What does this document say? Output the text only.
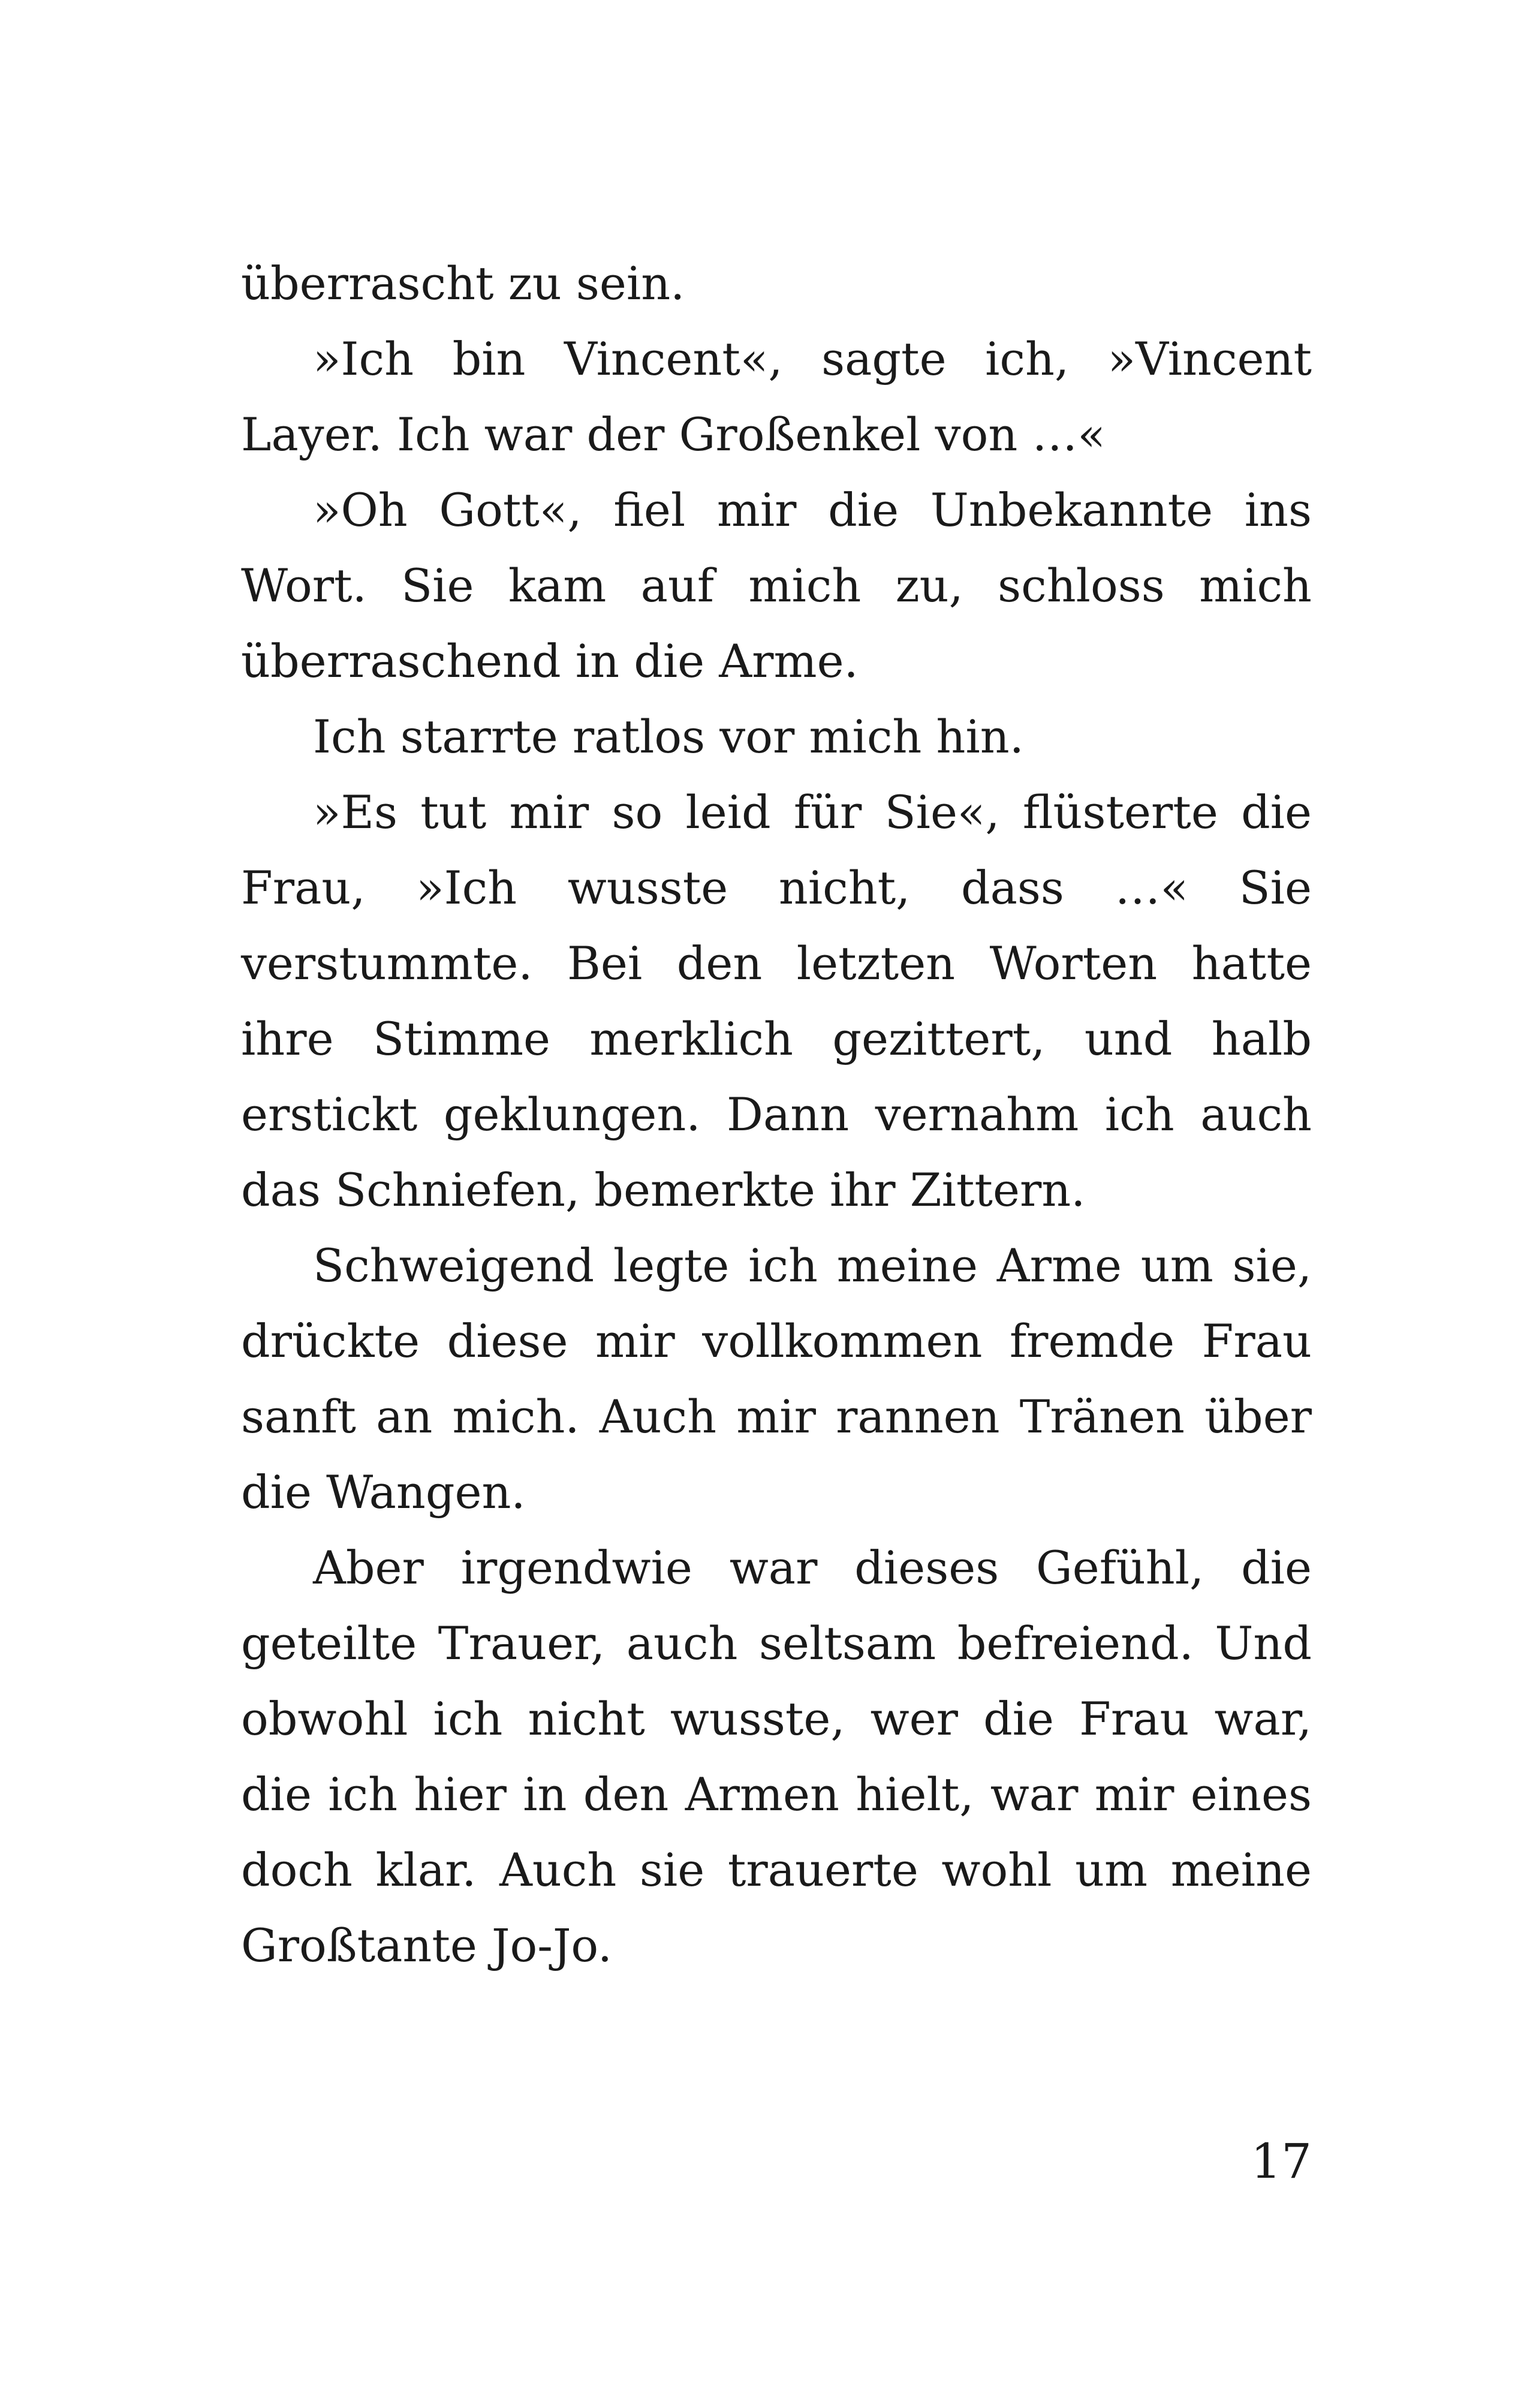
überrascht zu sein.

»Ich bin Vincent«, sagte ich, »Vincent Layer. Ich war der Großenkel von …«

»Oh Gott«, fiel mir die Unbekannte ins Wort. Sie kam auf mich zu, schloss mich überraschend in die Arme.

Ich starrte ratlos vor mich hin.

»Es tut mir so leid für Sie«, flüsterte die Frau, »Ich wusste nicht, dass …« Sie verstummte. Bei den letzten Worten hatte ihre Stimme merklich gezittert, und halb erstickt geklungen. Dann vernahm ich auch das Schniefen, bemerkte ihr Zittern.

Schweigend legte ich meine Arme um sie, drückte diese mir vollkommen fremde Frau sanft an mich. Auch mir rannen Tränen über die Wangen.

Aber irgendwie war dieses Gefühl, die geteilte Trauer, auch seltsam befreiend. Und obwohl ich nicht wusste, wer die Frau war, die ich hier in den Armen hielt, war mir eines doch klar. Auch sie trauerte wohl um meine Großtante Jo-Jo.

17
